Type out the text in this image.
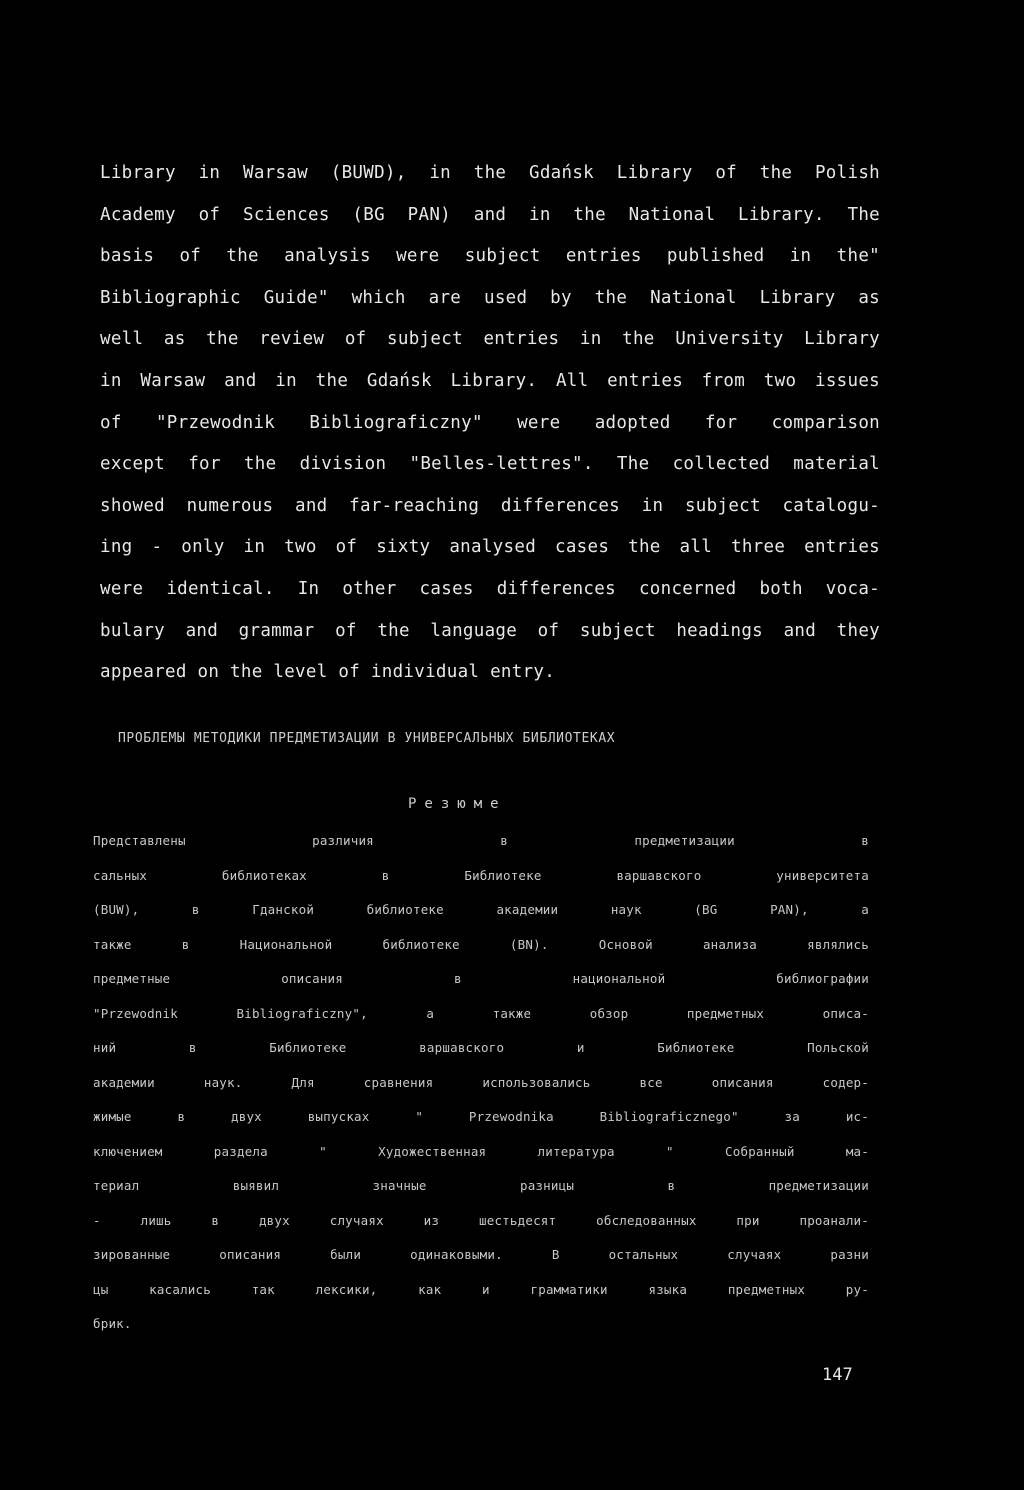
Library in Warsaw (BUWD), in the Gdańsk Library of the Polish
Academy of Sciences (BG PAN) and in the National Library. The
basis of the analysis were subject entries published in the"
Bibliographic Guide" which are used by the National Library as
well as the review of subject entries in the University Library
in Warsaw and in the Gdańsk Library. All entries from two issues
of "Przewodnik Bibliograficzny" were adopted for comparison
except for the division "Belles-lettres". The collected material
showed numerous and far-reaching differences in subject catalogu-
ing - only in two of sixty analysed cases the all three entries
were identical. In other cases differences concerned both voca-
bulary and grammar of the language of subject headings and they
appeared on the level of individual entry.
ПРОБЛЕМЫ МЕТОДИКИ ПРЕДМЕТИЗАЦИИ В УНИВЕРСАЛЬНЫХ БИБЛИОТЕКАХ
Резюме
Представлены различия в предметизации в
сальных библиотеках в Библиотеке варшавского университета
(BUW), в Гданской библиотеке академии наук (BG PAN), а
также в Национальной библиотеке (BN). Основой анализа являлись
предметные описания в национальной библиографии
"Przewodnik Bibliograficzny", а также обзор предметных описа-
ний в Библиотеке варшавского и Библиотеке Польской
академии наук. Для сравнения использовались все описания содер-
жимые в двух выпусках " Przewodnika Bibliograficznego" за ис-
ключением раздела " Художественная литература " Собранный ма-
териал выявил значные разницы в предметизации
- лишь в двух случаях из шестьдесят обследованных при проанали-
зированные описания были одинаковыми. В остальных случаях разни
цы касались так лексики, как и грамматики языка предметных ру-
брик.
147
